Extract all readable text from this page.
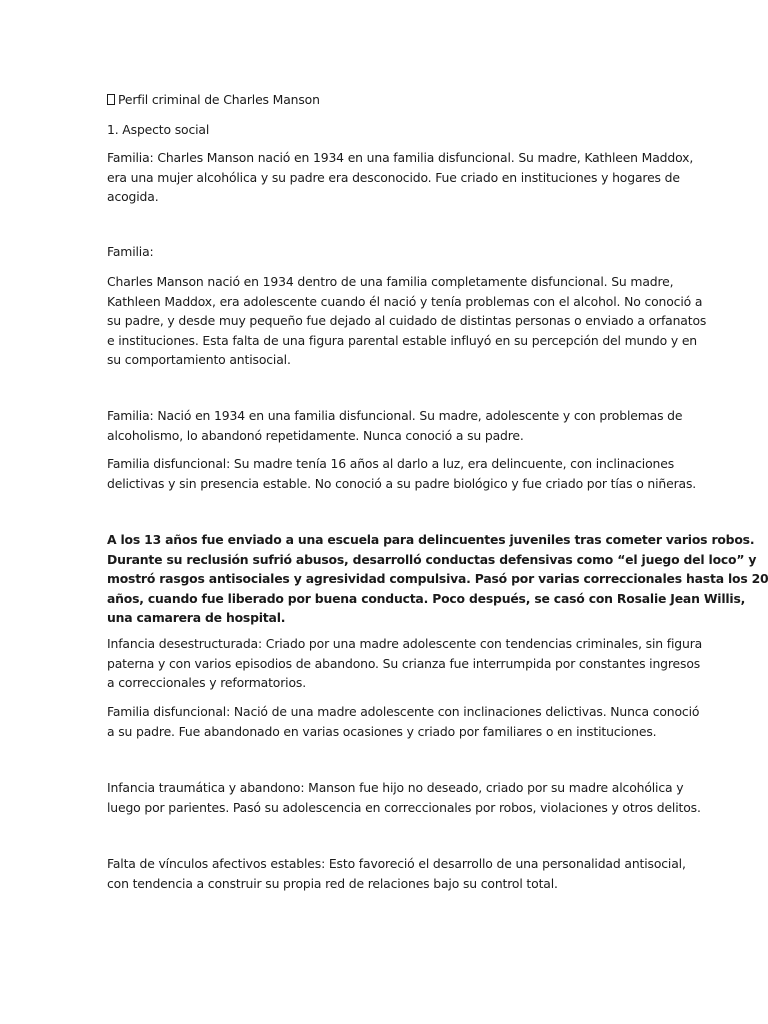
Perfil criminal de Charles Manson
1. Aspecto social
Familia: Charles Manson nació en 1934 en una familia disfuncional. Su madre, Kathleen Maddox,
era una mujer alcohólica y su padre era desconocido. Fue criado en instituciones y hogares de
acogida.
Familia:
Charles Manson nació en 1934 dentro de una familia completamente disfuncional. Su madre,
Kathleen Maddox, era adolescente cuando él nació y tenía problemas con el alcohol. No conoció a
su padre, y desde muy pequeño fue dejado al cuidado de distintas personas o enviado a orfanatos
e instituciones. Esta falta de una figura parental estable influyó en su percepción del mundo y en
su comportamiento antisocial.
Familia: Nació en 1934 en una familia disfuncional. Su madre, adolescente y con problemas de
alcoholismo, lo abandonó repetidamente. Nunca conoció a su padre.
Familia disfuncional: Su madre tenía 16 años al darlo a luz, era delincuente, con inclinaciones
delictivas y sin presencia estable. No conoció a su padre biológico y fue criado por tías o niñeras.
A los 13 años fue enviado a una escuela para delincuentes juveniles tras cometer varios robos.
Durante su reclusión sufrió abusos, desarrolló conductas defensivas como “el juego del loco” y
mostró rasgos antisociales y agresividad compulsiva. Pasó por varias correccionales hasta los 20
años, cuando fue liberado por buena conducta. Poco después, se casó con Rosalie Jean Willis,
una camarera de hospital.
Infancia desestructurada: Criado por una madre adolescente con tendencias criminales, sin figura
paterna y con varios episodios de abandono. Su crianza fue interrumpida por constantes ingresos
a correccionales y reformatorios.
Familia disfuncional: Nació de una madre adolescente con inclinaciones delictivas. Nunca conoció
a su padre. Fue abandonado en varias ocasiones y criado por familiares o en instituciones.
Infancia traumática y abandono: Manson fue hijo no deseado, criado por su madre alcohólica y
luego por parientes. Pasó su adolescencia en correccionales por robos, violaciones y otros delitos.
Falta de vínculos afectivos estables: Esto favoreció el desarrollo de una personalidad antisocial,
con tendencia a construir su propia red de relaciones bajo su control total.
